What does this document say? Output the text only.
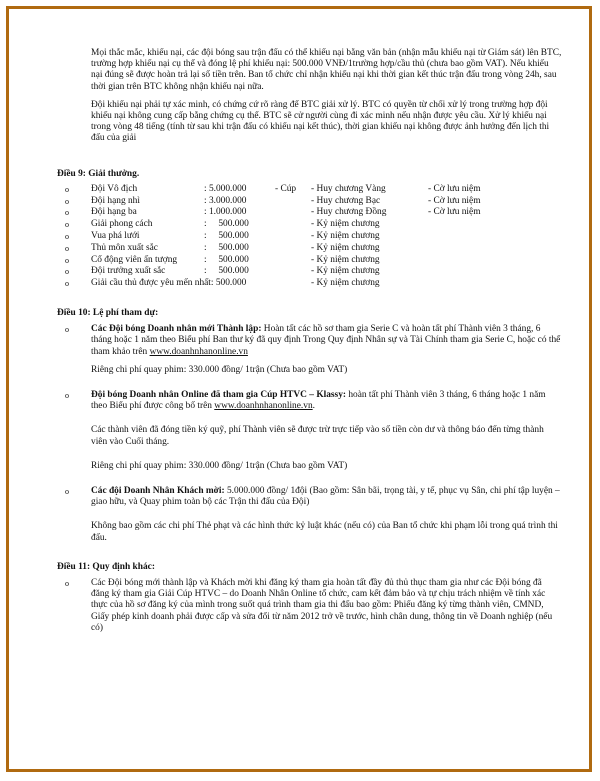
Mọi thắc mắc, khiếu nại, các đội bóng sau trận đấu có thể khiếu nại bằng văn bản (nhận mẫu khiếu nại từ Giám sát) lên BTC, trường hợp khiếu nại cụ thể và đóng lệ phí khiếu nại: 500.000 VNĐ/1trường hợp/cầu thủ (chưa bao gồm VAT). Nếu khiếu nại đúng sẽ được hoàn trả lại số tiền trên. Ban tổ chức chỉ nhận khiếu nại khi thời gian kết thúc trận đấu trong vòng 24h, sau thời gian trên BTC không nhận khiếu nại nữa.

Đội khiếu nại phải tự xác minh, có chứng cứ rõ ràng để BTC giải xử lý. BTC có quyền từ chối xử lý trong trường hợp đội khiếu nại không cung cấp bằng chứng cụ thể. BTC sẽ cử người cùng đi xác minh nếu nhận được yêu cầu. Xử lý khiếu nại trong vòng 48 tiếng (tính từ sau khi trận đấu có khiếu nại kết thúc), thời gian khiếu nại không được ảnh hưởng đến lịch thi đấu của giải

Điều 9: Giải thưởng.

o Đội Vô địch	: 5.000.000	- Cúp - Huy chương Vàng	- Cờ lưu niệm
o Đội hạng nhì	: 3.000.000	- Huy chương Bạc	- Cờ lưu niệm
o Đội hạng ba	: 1.000.000	- Huy chương Đồng	- Cờ lưu niệm
o Giải phong cách	:     500.000	- Kỷ niệm chương
o Vua phá lưới	:     500.000	- Kỷ niệm chương
o Thủ môn xuất sắc	:     500.000	- Kỷ niệm chương
o Cổ động viên ấn tượng	:     500.000	- Kỷ niệm chương
o Đội trưởng xuất sắc	:     500.000	- Kỷ niệm chương
o Giải cầu thủ được yêu mến nhất: 500.000	- Kỷ niệm chương

Điều 10: Lệ phí tham dự:

o Các Đội bóng Doanh nhân mới Thành lập: Hoàn tất các hồ sơ tham gia Serie C và hoàn tất phí Thành viên 3 tháng, 6 tháng hoặc 1 năm theo Biểu phí Ban thư ký đã quy định Trong Quy định Nhân sự và Tài Chính tham gia Serie C, hoặc có thể tham khảo trên www.doanhnhanonline.vn

Riêng chi phí quay phim: 330.000 đồng/ 1trận (Chưa bao gồm VAT)

o Đội bóng Doanh nhân Online đã tham gia Cúp HTVC – Klassy: hoàn tất phí Thành viên 3 tháng, 6 tháng hoặc 1 năm theo Biểu phí được công bố trên www.doanhnhanonline.vn.

Các thành viên đã đóng tiền ký quỹ, phí Thành viên sẽ được trừ trực tiếp vào số tiền còn dư và thông báo đến từng thành viên vào Cuối tháng.

Riêng chi phí quay phim: 330.000 đồng/ 1trận (Chưa bao gồm VAT)

o Các đội Doanh Nhân Khách mời: 5.000.000 đồng/ 1đội (Bao gồm: Sân bãi, trọng tài, y tế, phục vụ Sân, chi phí tập luyện – giao hữu, và Quay phim toàn bộ các Trận thi đấu của Đội)

Không bao gồm các chi phí Thẻ phạt và các hình thức kỷ luật khác (nếu có) của Ban tổ chức khi phạm lỗi trong quá trình thi đấu.

Điều 11: Quy định khác:

o Các Đội bóng mới thành lập và Khách mời khi đăng ký tham gia hoàn tất đầy đủ thủ thục tham gia như các Đội bóng đã đăng ký tham gia Giải Cúp HTVC – do Doanh Nhân Online tổ chức, cam kết đảm bảo và tự chịu trách nhiệm về tính xác thực của hồ sơ đăng ký của mình trong suốt quá trình tham gia thi đấu bao gồm: Phiếu đăng ký từng thành viên, CMND, Giấy phép kinh doanh phải được cấp và sửa đổi từ năm 2012 trở về trước, hình chân dung, thông tin về Doanh nghiệp (nếu có)
